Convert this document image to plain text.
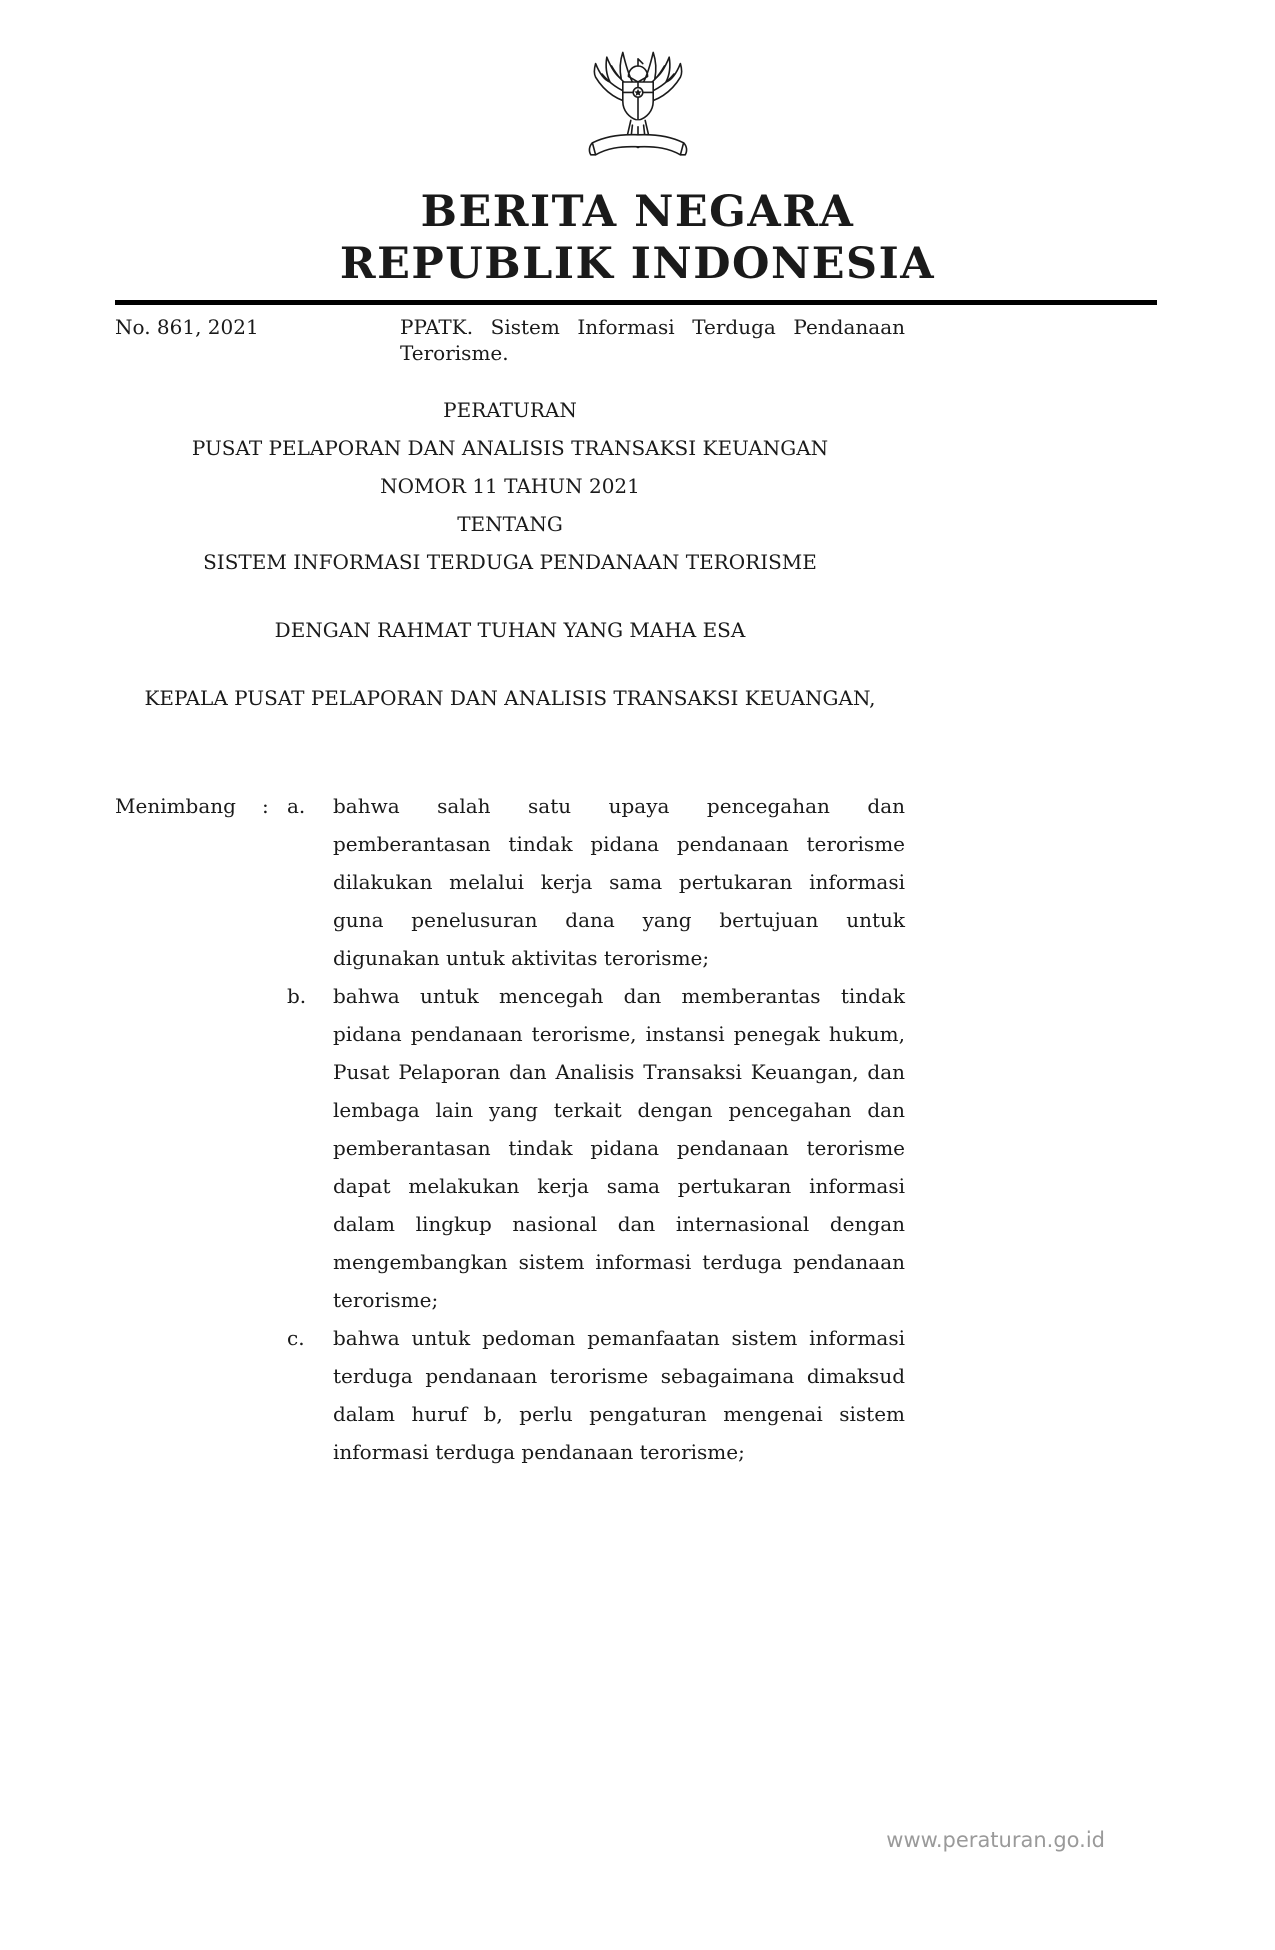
BERITA NEGARA
REPUBLIK INDONESIA
No. 861, 2021	PPATK. Sistem Informasi Terduga Pendanaan Terorisme.
PERATURAN
PUSAT PELAPORAN DAN ANALISIS TRANSAKSI KEUANGAN
NOMOR 11 TAHUN 2021
TENTANG
SISTEM INFORMASI TERDUGA PENDANAAN TERORISME
DENGAN RAHMAT TUHAN YANG MAHA ESA
KEPALA PUSAT PELAPORAN DAN ANALISIS TRANSAKSI KEUANGAN,
Menimbang	: a.	bahwa salah satu upaya pencegahan dan pemberantasan tindak pidana pendanaan terorisme dilakukan melalui kerja sama pertukaran informasi guna penelusuran dana yang bertujuan untuk digunakan untuk aktivitas terorisme;
b.	bahwa untuk mencegah dan memberantas tindak pidana pendanaan terorisme, instansi penegak hukum, Pusat Pelaporan dan Analisis Transaksi Keuangan, dan lembaga lain yang terkait dengan pencegahan dan pemberantasan tindak pidana pendanaan terorisme dapat melakukan kerja sama pertukaran informasi dalam lingkup nasional dan internasional dengan mengembangkan sistem informasi terduga pendanaan terorisme;
c.	bahwa untuk pedoman pemanfaatan sistem informasi terduga pendanaan terorisme sebagaimana dimaksud dalam huruf b, perlu pengaturan mengenai sistem informasi terduga pendanaan terorisme;
www.peraturan.go.id
